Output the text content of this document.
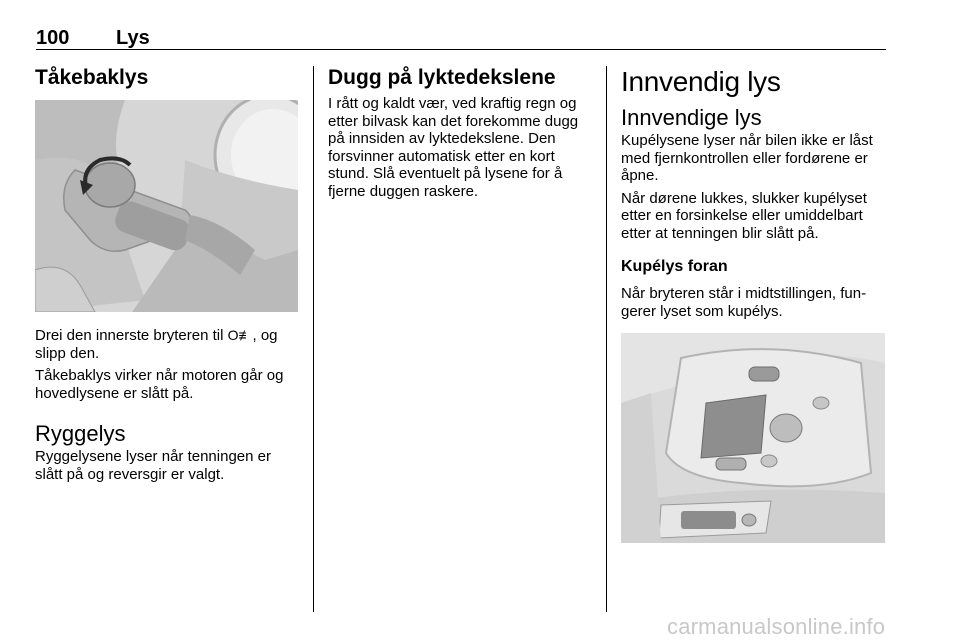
100 Lys
Tåkebaklys

Drei den innerste bryteren til O≢, og slipp den.

Tåkebaklys virker når motoren går og hovedlysene er slått på.

Ryggelys

Ryggelysene lyser når tenningen er slått på og reversgir er valgt.

Dugg på lyktedekslene

I rått og kaldt vær, ved kraftig regn og etter bilvask kan det forekomme dugg på innsiden av lyktedekslene. Den forsvinner automatisk etter en kort stund. Slå eventuelt på lysene for å fjerne duggen raskere.

Innvendig lys
Innvendige lys

Kupélysene lyser når bilen ikke er låst med fjernkontrollen eller fordørene er åpne.

Når dørene lukkes, slukker kupélyset etter en forsinkelse eller umiddelbart etter at tenningen blir slått på.

Kupélys foran

Når bryteren står i midtstillingen, fungerer lyset som kupélys.

carmanualsonline.info
